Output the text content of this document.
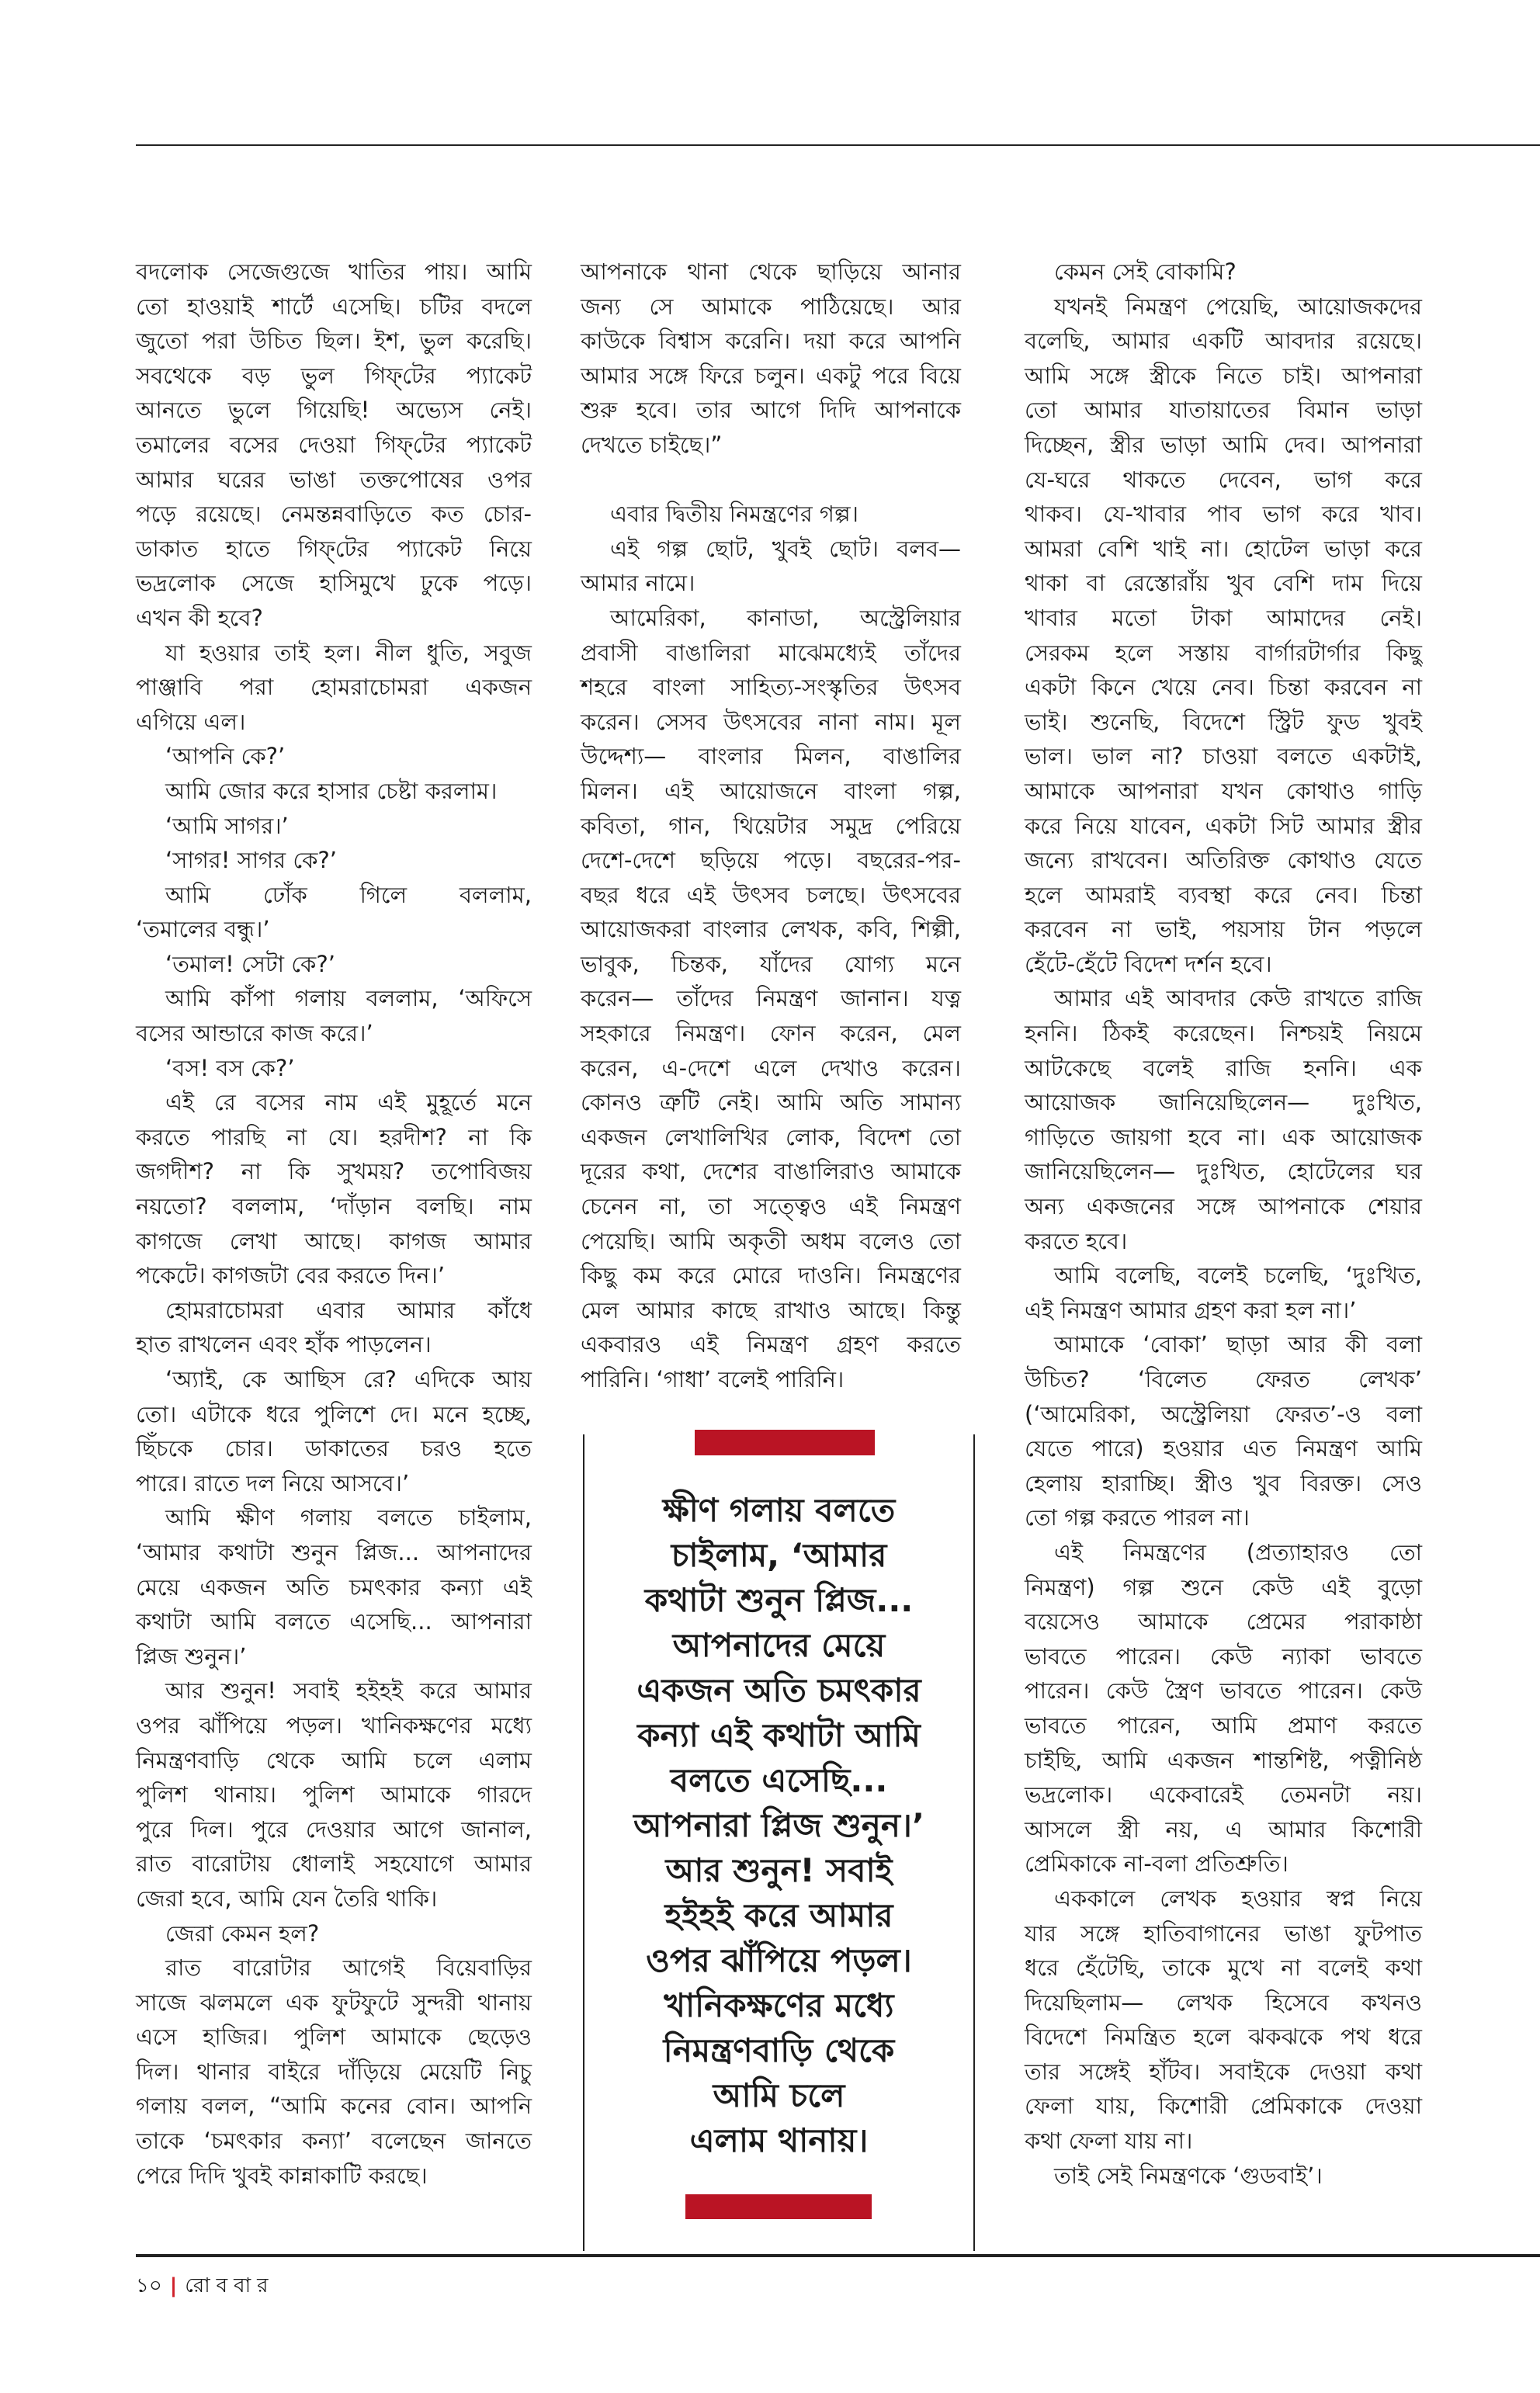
বদলোক সেজেগুজে খাতির পায়। আমি
তো হাওয়াই শার্টে এসেছি। চটির বদলে
জুতো পরা উচিত ছিল। ইশ, ভুল করেছি।
সবথেকে বড় ভুল গিফ্‌টের প্যাকেট
আনতে ভুলে গিয়েছি! অভ্যেস নেই।
তমালের বসের দেওয়া গিফ্‌টের প্যাকেট
আমার ঘরের ভাঙা তক্তপোষের ওপর
পড়ে রয়েছে। নেমন্তন্নবাড়িতে কত চোর-
ডাকাত হাতে গিফ্‌টের প্যাকেট নিয়ে
ভদ্রলোক সেজে হাসিমুখে ঢুকে পড়ে।
এখন কী হবে?
যা হওয়ার তাই হল। নীল ধুতি, সবুজ
পাঞ্জাবি পরা হোমরাচোমরা একজন
এগিয়ে এল।
‘আপনি কে?’
আমি জোর করে হাসার চেষ্টা করলাম।
‘আমি সাগর।’
‘সাগর! সাগর কে?’
আমি ঢোঁক গিলে বললাম,
‘তমালের বন্ধু।’
‘তমাল! সেটা কে?’
আমি কাঁপা গলায় বললাম, ‘অফিসে
বসের আন্ডারে কাজ করে।’
‘বস! বস কে?’
এই রে বসের নাম এই মুহূর্তে মনে
করতে পারছি না যে। হরদীশ? না কি
জগদীশ? না কি সুখময়? তপোবিজয়
নয়তো? বললাম, ‘দাঁড়ান বলছি। নাম
কাগজে লেখা আছে। কাগজ আমার
পকেটে। কাগজটা বের করতে দিন।’
হোমরাচোমরা এবার আমার কাঁধে
হাত রাখলেন এবং হাঁক পাড়লেন।
‘অ্যাই, কে আছিস রে? এদিকে আয়
তো। এটাকে ধরে পুলিশে দে। মনে হচ্ছে,
ছিঁচকে চোর। ডাকাতের চরও হতে
পারে। রাতে দল নিয়ে আসবে।’
আমি ক্ষীণ গলায় বলতে চাইলাম,
‘আমার কথাটা শুনুন প্লিজ... আপনাদের
মেয়ে একজন অতি চমৎকার কন্যা এই
কথাটা আমি বলতে এসেছি... আপনারা
প্লিজ শুনুন।’
আর শুনুন! সবাই হইহই করে আমার
ওপর ঝাঁপিয়ে পড়ল। খানিকক্ষণের মধ্যে
নিমন্ত্রণবাড়ি থেকে আমি চলে এলাম
পুলিশ থানায়। পুলিশ আমাকে গারদে
পুরে দিল। পুরে দেওয়ার আগে জানাল,
রাত বারোটায় ধোলাই সহযোগে আমার
জেরা হবে, আমি যেন তৈরি থাকি।
জেরা কেমন হল?
রাত বারোটার আগেই বিয়েবাড়ির
সাজে ঝলমলে এক ফুটফুটে সুন্দরী থানায়
এসে হাজির। পুলিশ আমাকে ছেড়েও
দিল। থানার বাইরে দাঁড়িয়ে মেয়েটি নিচু
গলায় বলল, “আমি কনের বোন। আপনি
তাকে ‘চমৎকার কন্যা’ বলেছেন জানতে
পেরে দিদি খুবই কান্নাকাটি করছে।
আপনাকে থানা থেকে ছাড়িয়ে আনার
জন্য সে আমাকে পাঠিয়েছে। আর
কাউকে বিশ্বাস করেনি। দয়া করে আপনি
আমার সঙ্গে ফিরে চলুন। একটু পরে বিয়ে
শুরু হবে। তার আগে দিদি আপনাকে
দেখতে চাইছে।”
এবার দ্বিতীয় নিমন্ত্রণের গল্প।
এই গল্প ছোট, খুবই ছোট। বলব—
আমার নামে।
আমেরিকা, কানাডা, অস্ট্রেলিয়ার
প্রবাসী বাঙালিরা মাঝেমধ্যেই তাঁদের
শহরে বাংলা সাহিত্য-সংস্কৃতির উৎসব
করেন। সেসব উৎসবের নানা নাম। মূল
উদ্দেশ্য— বাংলার মিলন, বাঙালির
মিলন। এই আয়োজনে বাংলা গল্প,
কবিতা, গান, থিয়েটার সমুদ্র পেরিয়ে
দেশে-দেশে ছড়িয়ে পড়ে। বছরের-পর-
বছর ধরে এই উৎসব চলছে। উৎসবের
আয়োজকরা বাংলার লেখক, কবি, শিল্পী,
ভাবুক, চিন্তক, যাঁদের যোগ্য মনে
করেন— তাঁদের নিমন্ত্রণ জানান। যত্ন
সহকারে নিমন্ত্রণ। ফোন করেন, মেল
করেন, এ-দেশে এলে দেখাও করেন।
কোনও ত্রুটি নেই। আমি অতি সামান্য
একজন লেখালিখির লোক, বিদেশ তো
দূরের কথা, দেশের বাঙালিরাও আমাকে
চেনেন না, তা সত্ত্বেও এই নিমন্ত্রণ
পেয়েছি। আমি অকৃতী অধম বলেও তো
কিছু কম করে মোরে দাওনি। নিমন্ত্রণের
মেল আমার কাছে রাখাও আছে। কিন্তু
একবারও এই নিমন্ত্রণ গ্রহণ করতে
পারিনি। ‘গাধা’ বলেই পারিনি।
কেমন সেই বোকামি?
যখনই নিমন্ত্রণ পেয়েছি, আয়োজকদের
বলেছি, আমার একটি আবদার রয়েছে।
আমি সঙ্গে স্ত্রীকে নিতে চাই। আপনারা
তো আমার যাতায়াতের বিমান ভাড়া
দিচ্ছেন, স্ত্রীর ভাড়া আমি দেব। আপনারা
যে-ঘরে থাকতে দেবেন, ভাগ করে
থাকব। যে-খাবার পাব ভাগ করে খাব।
আমরা বেশি খাই না। হোটেল ভাড়া করে
থাকা বা রেস্তোরাঁয় খুব বেশি দাম দিয়ে
খাবার মতো টাকা আমাদের নেই।
সেরকম হলে সস্তায় বার্গারটার্গার কিছু
একটা কিনে খেয়ে নেব। চিন্তা করবেন না
ভাই। শুনেছি, বিদেশে স্ট্রিট ফুড খুবই
ভাল। ভাল না? চাওয়া বলতে একটাই,
আমাকে আপনারা যখন কোথাও গাড়ি
করে নিয়ে যাবেন, একটা সিট আমার স্ত্রীর
জন্যে রাখবেন। অতিরিক্ত কোথাও যেতে
হলে আমরাই ব্যবস্থা করে নেব। চিন্তা
করবেন না ভাই, পয়সায় টান পড়লে
হেঁটে-হেঁটে বিদেশ দর্শন হবে।
আমার এই আবদার কেউ রাখতে রাজি
হননি। ঠিকই করেছেন। নিশ্চয়ই নিয়মে
আটকেছে বলেই রাজি হননি। এক
আয়োজক জানিয়েছিলেন— দুঃখিত,
গাড়িতে জায়গা হবে না। এক আয়োজক
জানিয়েছিলেন— দুঃখিত, হোটেলের ঘর
অন্য একজনের সঙ্গে আপনাকে শেয়ার
করতে হবে।
আমি বলেছি, বলেই চলেছি, ‘দুঃখিত,
এই নিমন্ত্রণ আমার গ্রহণ করা হল না।’
আমাকে ‘বোকা’ ছাড়া আর কী বলা
উচিত? ‘বিলেত ফেরত লেখক’
(‘আমেরিকা, অস্ট্রেলিয়া ফেরত’-ও বলা
যেতে পারে) হওয়ার এত নিমন্ত্রণ আমি
হেলায় হারাচ্ছি। স্ত্রীও খুব বিরক্ত। সেও
তো গল্প করতে পারল না।
এই নিমন্ত্রণের (প্রত্যাহারও তো
নিমন্ত্রণ) গল্প শুনে কেউ এই বুড়ো
বয়েসেও আমাকে প্রেমের পরাকাষ্ঠা
ভাবতে পারেন। কেউ ন্যাকা ভাবতে
পারেন। কেউ স্ত্রৈণ ভাবতে পারেন। কেউ
ভাবতে পারেন, আমি প্রমাণ করতে
চাইছি, আমি একজন শান্তশিষ্ট, পত্নীনিষ্ঠ
ভদ্রলোক। একেবারেই তেমনটা নয়।
আসলে স্ত্রী নয়, এ আমার কিশোরী
প্রেমিকাকে না-বলা প্রতিশ্রুতি।
এককালে লেখক হওয়ার স্বপ্ন নিয়ে
যার সঙ্গে হাতিবাগানের ভাঙা ফুটপাত
ধরে হেঁটেছি, তাকে মুখে না বলেই কথা
দিয়েছিলাম— লেখক হিসেবে কখনও
বিদেশে নিমন্ত্রিত হলে ঝকঝকে পথ ধরে
তার সঙ্গেই হাঁটব। সবাইকে দেওয়া কথা
ফেলা যায়, কিশোরী প্রেমিকাকে দেওয়া
কথা ফেলা যায় না।
তাই সেই নিমন্ত্রণকে ‘গুডবাই’।
ক্ষীণ গলায় বলতে
চাইলাম, ‘আমার
কথাটা শুনুন প্লিজ...
আপনাদের মেয়ে
একজন অতি চমৎকার
কন্যা এই কথাটা আমি
বলতে এসেছি...
আপনারা প্লিজ শুনুন।’
আর শুনুন! সবাই
হইহই করে আমার
ওপর ঝাঁপিয়ে পড়ল।
খানিকক্ষণের মধ্যে
নিমন্ত্রণবাড়ি থেকে
আমি চলে
এলাম থানায়।
১০ | রোববার
